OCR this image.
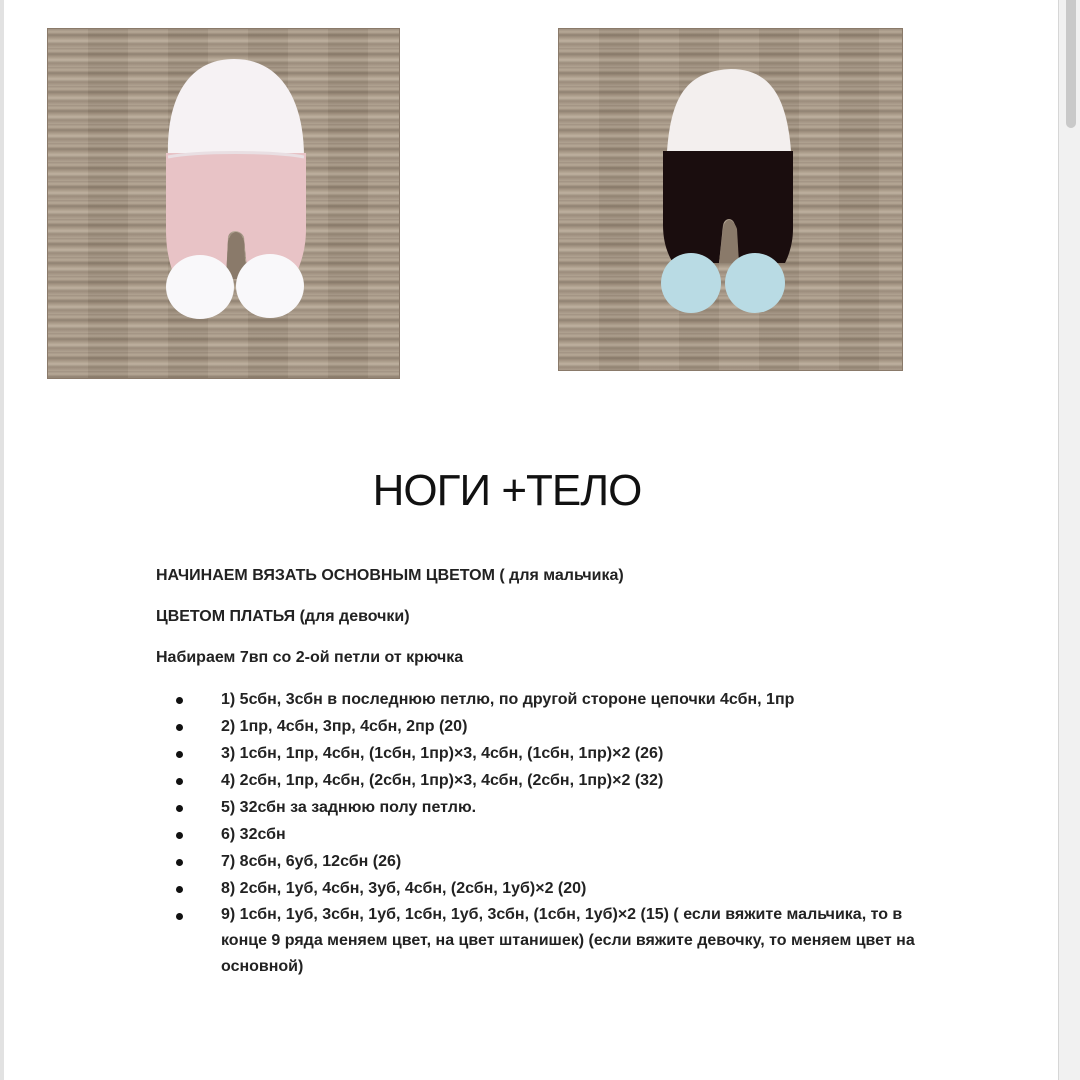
НОГИ +ТЕЛО
НАЧИНАЕМ ВЯЗАТЬ ОСНОВНЫМ ЦВЕТОМ ( для мальчика)
ЦВЕТОМ ПЛАТЬЯ (для девочки)
Набираем 7вп со 2-ой петли от крючка
1) 5сбн, 3сбн в последнюю петлю, по другой стороне цепочки 4сбн, 1пр
2) 1пр, 4сбн, 3пр, 4сбн, 2пр (20)
3) 1сбн, 1пр, 4сбн, (1сбн, 1пр)×3, 4сбн, (1сбн, 1пр)×2 (26)
4) 2сбн, 1пр, 4сбн, (2сбн, 1пр)×3, 4сбн, (2сбн, 1пр)×2 (32)
5) 32сбн за заднюю полу петлю.
6) 32сбн
7) 8сбн, 6уб, 12сбн (26)
8) 2сбн, 1уб, 4сбн, 3уб, 4сбн, (2сбн, 1уб)×2 (20)
9) 1сбн, 1уб, 3сбн, 1уб, 1сбн, 1уб, 3сбн, (1сбн, 1уб)×2 (15) ( если вяжите мальчика, то в
конце 9 ряда меняем цвет, на цвет штанишек) (если вяжите девочку, то меняем цвет на
основной)
